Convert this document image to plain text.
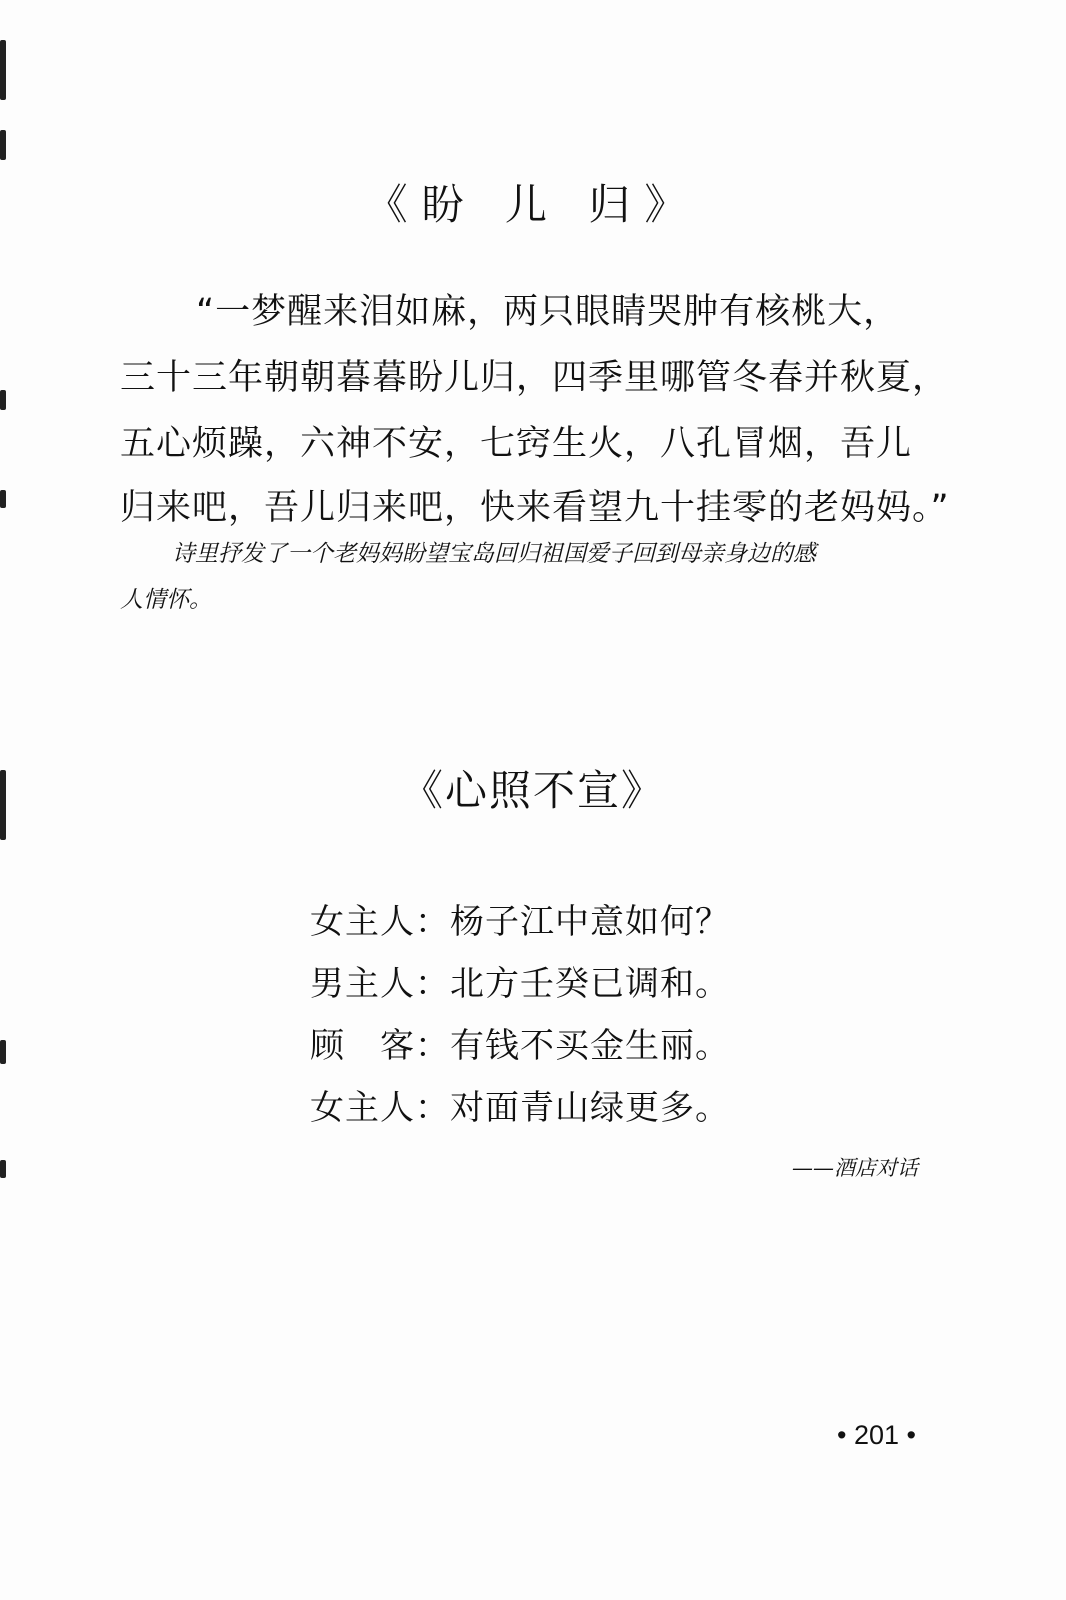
《盼 儿 归》
“一梦醒来泪如麻，两只眼睛哭肿有核桃大，
三十三年朝朝暮暮盼儿归，四季里哪管冬春并秋夏，
五心烦躁，六神不安，七窍生火，八孔冒烟，吾儿
归来吧，吾儿归来吧，快来看望九十挂零的老妈妈。”
诗里抒发了一个老妈妈盼望宝岛回归祖国爱子回到母亲身边的感
人情怀。
《心照不宣》
女主人：杨子江中意如何？
男主人：北方壬癸已调和。
顾　客：有钱不买金生丽。
女主人：对面青山绿更多。
——酒店对话
• 201 •
